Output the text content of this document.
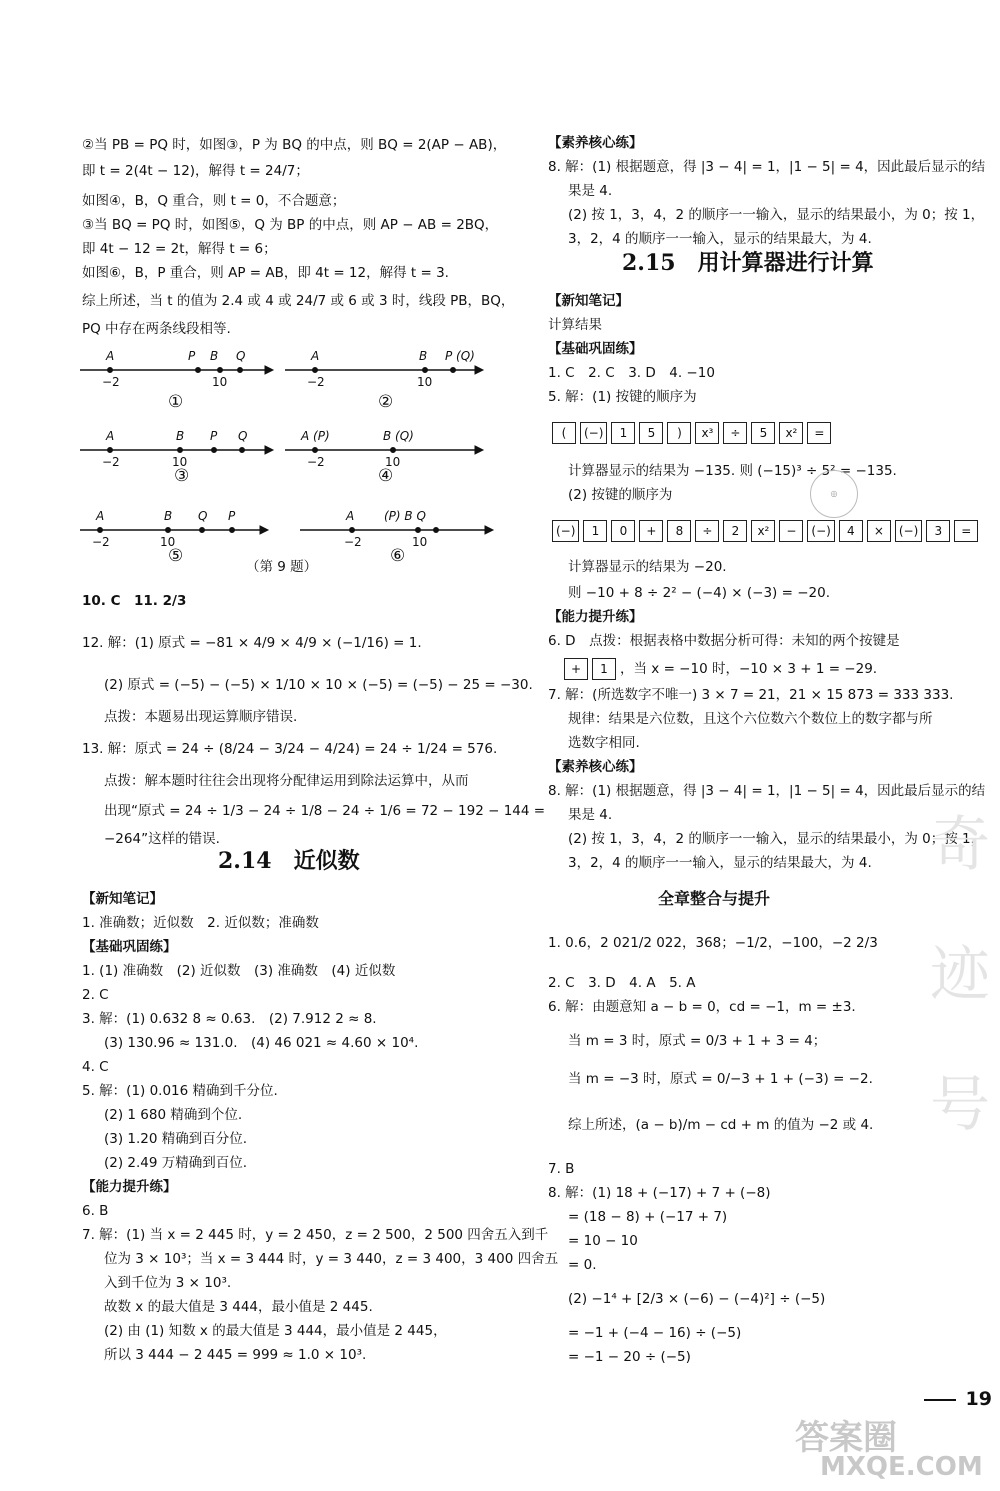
②当 PB = PQ 时，如图③，P 为 BQ 的中点，则 BQ = 2(AP − AB)，
即 t = 2(4t − 12)，解得 t = 24/7；
如图④，B，Q 重合，则 t = 0，不合题意；
③当 BQ = PQ 时，如图⑤，Q 为 BP 的中点，则 AP − AB = 2BQ，
即 4t − 12 = 2t，解得 t = 6；
如图⑥，B，P 重合，则 AP = AB，即 4t = 12，解得 t = 3.
综上所述，当 t 的值为 2.4 或 4 或 24/7 或 6 或 3 时，线段 PB，BQ，
PQ 中存在两条线段相等.
A	P B Q
−2	10
A	B P (Q)
−2	10
A	B P Q
−2	10
A (P)	B (Q)
−2	10
A	B Q P
−2	10
A (P) B Q
−2	10
①	②
③	④
⑤	⑥
（第 9 题）
10. C　11. 2/3
12. 解：(1) 原式 = −81 × 4/9 × 4/9 × (−1/16) = 1.
(2) 原式 = (−5) − (−5) × 1/10 × 10 × (−5) = (−5) − 25 = −30.
点拨：本题易出现运算顺序错误.
13. 解：原式 = 24 ÷ (8/24 − 3/24 − 4/24) = 24 ÷ 1/24 = 576.
点拨：解本题时往往会出现将分配律运用到除法运算中，从而
出现“原式 = 24 ÷ 1/3 − 24 ÷ 1/8 − 24 ÷ 1/6 = 72 − 192 − 144 =
−264”这样的错误.
2.14　近似数
【新知笔记】
1. 准确数；近似数　2. 近似数；准确数
【基础巩固练】
1. (1) 准确数　(2) 近似数　(3) 准确数　(4) 近似数
2. C
3. 解：(1) 0.632 8 ≈ 0.63.　(2) 7.912 2 ≈ 8.
(3) 130.96 ≈ 131.0.　(4) 46 021 ≈ 4.60 × 10⁴.
4. C
5. 解：(1) 0.016 精确到千分位.
(2) 1 680 精确到个位.
(3) 1.20 精确到百分位.
(2) 2.49 万精确到百位.
【能力提升练】
6. B
7. 解：(1) 当 x = 2 445 时，y = 2 450，z = 2 500，2 500 四舍五入到千
位为 3 × 10³；当 x = 3 444 时，y = 3 440，z = 3 400，3 400 四舍五
入到千位为 3 × 10³.
故数 x 的最大值是 3 444，最小值是 2 445.
(2) 由 (1) 知数 x 的最大值是 3 444，最小值是 2 445，
所以 3 444 − 2 445 = 999 ≈ 1.0 × 10³.
【素养核心练】
8. 解：(1) 根据题意，得 |3 − 4| = 1，|1 − 5| = 4，因此最后显示的结
果是 4.
(2) 按 1，3，4，2 的顺序一一输入，显示的结果最小，为 0；按 1，
3，2，4 的顺序一一输入，显示的结果最大，为 4.
2.15　用计算器进行计算
【新知笔记】
计算结果
【基础巩固练】
1. C　2. C　3. D　4. −10
5. 解：(1) 按键的顺序为
( (−) 1 5 ) x³ ÷ 5 x² =
计算器显示的结果为 −135. 则 (−15)³ ÷ 5² = −135.
(2) 按键的顺序为
(−) 1 0 + 8 ÷ 2 x² − (−) 4 × (−) 3 =
计算器显示的结果为 −20.
则 −10 + 8 ÷ 2² − (−4) × (−3) = −20.
【能力提升练】
6. D　点拨：根据表格中数据分析可得：未知的两个按键是
+ 1 ，当 x = −10 时，−10 × 3 + 1 = −29.
7. 解：(所选数字不唯一) 3 × 7 = 21，21 × 15 873 = 333 333.
规律：结果是六位数，且这个六位数六个数位上的数字都与所
选数字相同.
【素养核心练】
8. 解：(1) 根据题意，得 |3 − 4| = 1，|1 − 5| = 4，因此最后显示的结
果是 4.
(2) 按 1，3，4，2 的顺序一一输入，显示的结果最小，为 0；按 1，
3，2，4 的顺序一一输入，显示的结果最大，为 4.
全章整合与提升
1. 0.6，2 021/2 022，368；−1/2，−100，−2 2/3
2. C　3. D　4. A　5. A
6. 解：由题意知 a − b = 0，cd = −1，m = ±3.
当 m = 3 时，原式 = 0/3 + 1 + 3 = 4；
当 m = −3 时，原式 = 0/−3 + 1 + (−3) = −2.
综上所述，(a − b)/m − cd + m 的值为 −2 或 4.
7. B
8. 解：(1) 18 + (−17) + 7 + (−8)
= (18 − 8) + (−17 + 7)
= 10 − 10
= 0.
(2) −1⁴ + [2/3 × (−6) − (−4)²] ÷ (−5)
= −1 + (−4 − 16) ÷ (−5)
= −1 − 20 ÷ (−5)
◎
奇
迹
号
19
答案圈
MXQE.COM
